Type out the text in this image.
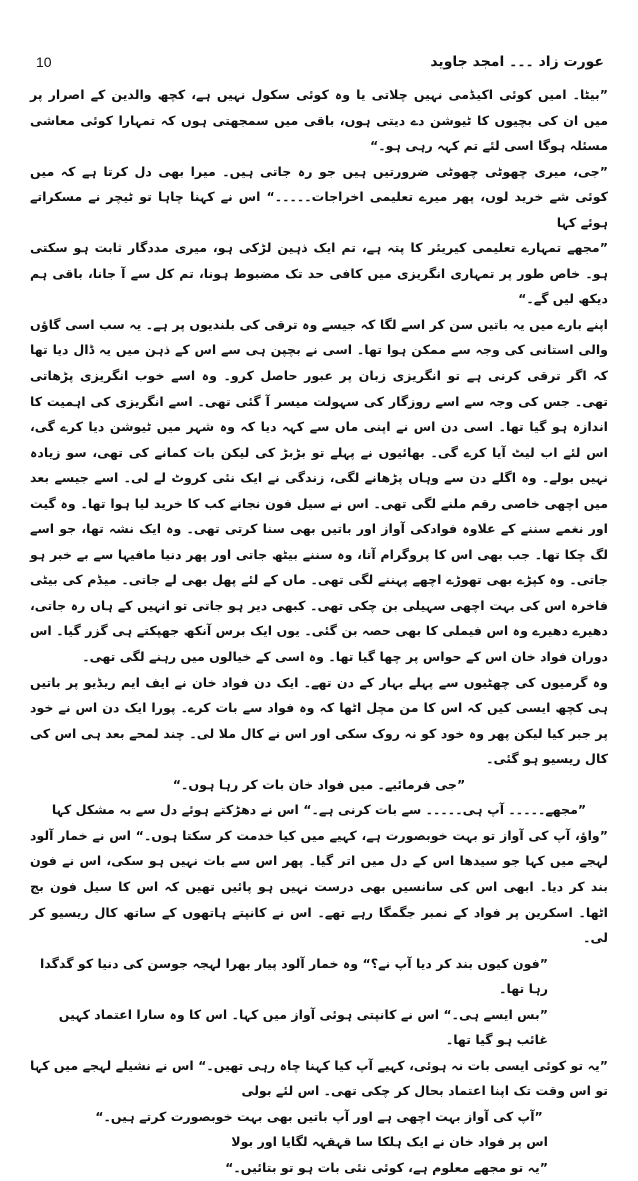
10	عورت زاد ۔۔۔ امجد جاوید

”بیٹا۔ امیں کوئی اکیڈمی نہیں چلاتی یا وہ کوئی سکول نہیں ہے، کچھ والدین کے اصرار پر میں ان کی بچیوں کا ٹیوشن دے دیتی ہوں، باقی میں سمجھتی ہوں کہ تمہارا کوئی معاشی مسئلہ ہوگا اسی لئے تم کہہ رہی ہو۔“

”جی، میری چھوٹی چھوٹی ضرورتیں ہیں جو رہ جاتی ہیں۔ میرا بھی دل کرتا ہے کہ میں کوئی شے خرید لوں، پھر میرے تعلیمی اخراجات۔۔۔۔۔“ اس نے کہنا چاہا تو ٹیچر نے مسکراتے ہوئے کہا

”مجھے تمہارے تعلیمی کیریئر کا پتہ ہے، تم ایک ذہین لڑکی ہو، میری مددگار ثابت ہو سکتی ہو۔ خاص طور پر تمہاری انگریزی میں کافی حد تک مضبوط ہونا، تم کل سے آ جانا، باقی ہم دیکھ لیں گے۔“

اپنے بارے میں یہ باتیں سن کر اسے لگا کہ جیسے وہ ترقی کی بلندیوں پر ہے۔ یہ سب اسی گاؤں والی استانی کی وجہ سے ممکن ہوا تھا۔ اسی نے بچپن ہی سے اس کے ذہن میں یہ ڈال دیا تھا کہ اگر ترقی کرنی ہے تو انگریزی زبان پر عبور حاصل کرو۔ وہ اسے خوب انگریزی پڑھاتی تھی۔ جس کی وجہ سے اسے روزگار کی سہولت میسر آ گئی تھی۔ اسے انگریزی کی اہمیت کا اندازہ ہو گیا تھا۔ اسی دن اس نے اپنی ماں سے کہہ دیا کہ وہ شہر میں ٹیوشن دیا کرے گی، اس لئے اب لیٹ آیا کرے گی۔ بھائیوں نے پہلے تو بڑبڑ کی لیکن بات کمانے کی تھی، سو زیادہ نہیں بولے۔ وہ اگلے دن سے وہاں پڑھانے لگی، زندگی نے ایک نئی کروٹ لے لی۔ اسے جیسے بعد میں اچھی خاصی رقم ملنے لگی تھی۔ اس نے سیل فون نجانے کب کا خرید لیا ہوا تھا۔ وہ گیت اور نغمے سننے کے علاوہ فوادکی آواز اور باتیں بھی سنا کرتی تھی۔ وہ ایک نشہ تھا، جو اسے لگ چکا تھا۔ جب بھی اس کا پروگرام آتا، وہ سننے بیٹھ جاتی اور پھر دنیا مافیہا سے بے خبر ہو جاتی۔ وہ کپڑے بھی تھوڑے اچھے پہننے لگی تھی۔ ماں کے لئے پھل بھی لے جاتی۔ میڈم کی بیٹی فاخرہ اس کی بہت اچھی سہیلی بن چکی تھی۔ کبھی دیر ہو جاتی تو انہیں کے ہاں رہ جاتی، دھیرے دھیرے وہ اس فیملی کا بھی حصہ بن گئی۔ یوں ایک برس آنکھ جھپکتے ہی گزر گیا۔ اس دوران فواد خان اس کے حواس پر چھا گیا تھا۔ وہ اسی کے خیالوں میں رہنے لگی تھی۔

وہ گرمیوں کی چھٹیوں سے پہلے بہار کے دن تھے۔ ایک دن فواد خان نے ایف ایم ریڈیو پر باتیں ہی کچھ ایسی کیں کہ اس کا من مچل اٹھا کہ وہ فواد سے بات کرے۔ پورا ایک دن اس نے خود پر جبر کیا لیکن پھر وہ خود کو نہ روک سکی اور اس نے کال ملا لی۔ چند لمحے بعد ہی اس کی کال ریسیو ہو گئی۔

”جی فرمائیے۔ میں فواد خان بات کر رہا ہوں۔“

”مجھے۔۔۔۔۔ آپ ہی۔۔۔۔۔ سے بات کرنی ہے۔“ اس نے دھڑکتے ہوئے دل سے بہ مشکل کہا

”واؤ، آپ کی آواز تو بہت خوبصورت ہے، کہیے میں کیا خدمت کر سکتا ہوں۔“ اس نے خمار آلود لہجے میں کہا جو سیدھا اس کے دل میں اتر گیا۔ پھر اس سے بات نہیں ہو سکی، اس نے فون بند کر دیا۔ ابھی اس کی سانسیں بھی درست نہیں ہو پائیں تھیں کہ اس کا سیل فون بج اٹھا۔ اسکرین پر فواد کے نمبر جگمگا رہے تھے۔ اس نے کانپتے ہاتھوں کے ساتھ کال ریسیو کر لی۔

”فون کیوں بند کر دیا آپ نے؟“ وہ خمار آلود پیار بھرا لہجہ جوسن کی دنیا کو گدگدا رہا تھا۔

”بس ایسے ہی۔“ اس نے کانپتی ہوئی آواز میں کہا۔ اس کا وہ سارا اعتماد کہیں غائب ہو گیا تھا۔

”یہ تو کوئی ایسی بات نہ ہوئی، کہیے آپ کیا کہنا چاہ رہی تھیں۔“ اس نے نشیلے لہجے میں کہا تو اس وقت تک اپنا اعتماد بحال کر چکی تھی۔ اس لئے بولی

”آپ کی آواز بہت اچھی ہے اور آپ باتیں بھی بہت خوبصورت کرتے ہیں۔“

اس پر فواد خان نے ایک ہلکا سا قہقہہ لگایا اور بولا

”یہ تو مجھے معلوم ہے، کوئی نئی بات ہو تو بتائیں۔“
